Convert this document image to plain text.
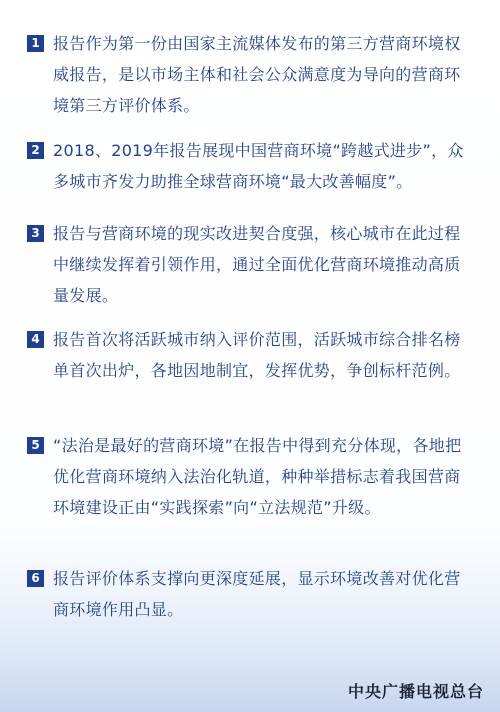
1 报告作为第一份由国家主流媒体发布的第三方营商环境权威报告，是以市场主体和社会公众满意度为导向的营商环境第三方评价体系。
2 2018、2019年报告展现中国营商环境“跨越式进步”，众多城市齐发力助推全球营商环境“最大改善幅度”。
3 报告与营商环境的现实改进契合度强，核心城市在此过程中继续发挥着引领作用，通过全面优化营商环境推动高质量发展。
4 报告首次将活跃城市纳入评价范围，活跃城市综合排名榜单首次出炉，各地因地制宜，发挥优势，争创标杆范例。
5 “法治是最好的营商环境”在报告中得到充分体现，各地把优化营商环境纳入法治化轨道，种种举措标志着我国营商环境建设正由“实践探索”向“立法规范”升级。
6 报告评价体系支撑向更深度延展，显示环境改善对优化营商环境作用凸显。
中央广播电视总台
